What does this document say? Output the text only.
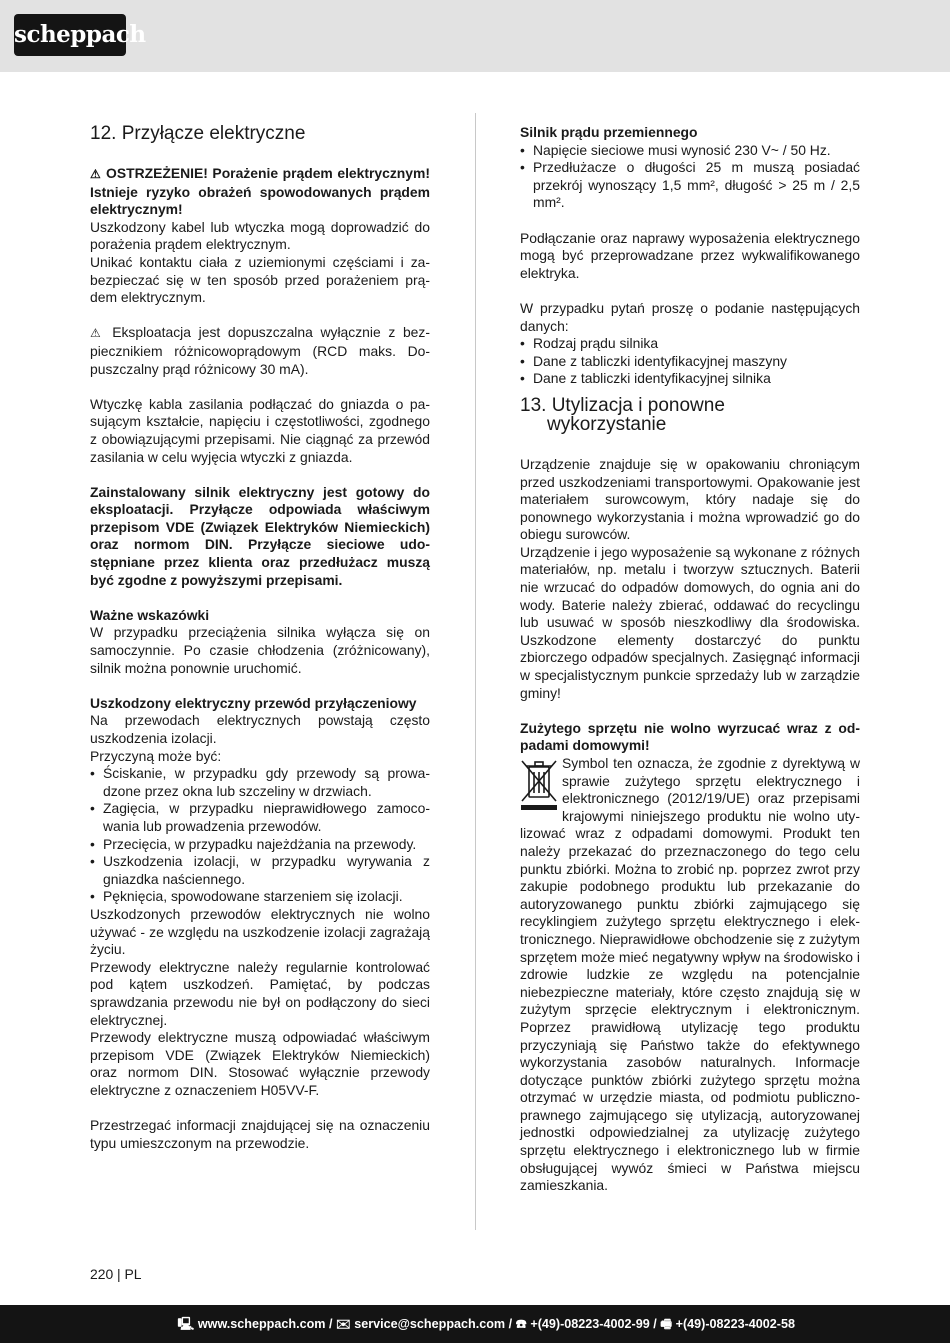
scheppach
12. Przyłącze elektryczne

⚠ OSTRZEŻENIE! Porażenie prądem elektrycznym! Istnieje ryzyko obrażeń spowodowanych prądem elektrycznym!

Uszkodzony kabel lub wtyczka mogą doprowadzić do porażenia prądem elektrycznym.

Unikać kontaktu ciała z uziemionymi częściami i zabezpieczać się w ten sposób przed porażeniem prądem elektrycznym.

⚠ Eksploatacja jest dopuszczalna wyłącznie z bezpiecznikiem różnicowoprądowym (RCD maks. Dopuszczalny prąd różnicowy 30 mA).

Wtyczkę kabla zasilania podłączać do gniazda o pasującym kształcie, napięciu i częstotliwości, zgodnego z obowiązującymi przepisami. Nie ciągnąć za przewód zasilania w celu wyjęcia wtyczki z gniazda.

Zainstalowany silnik elektryczny jest gotowy do eksploatacji. Przyłącze odpowiada właściwym przepisom VDE (Związek Elektryków Niemieckich) oraz normom DIN. Przyłącze sieciowe udostępniane przez klienta oraz przedłużacz muszą być zgodne z powyższymi przepisami.

Ważne wskazówki

W przypadku przeciążenia silnika wyłącza się on samoczynnie. Po czasie chłodzenia (zróżnicowany), silnik można ponownie uruchomić.

Uszkodzony elektryczny przewód przyłączeniowy

Na przewodach elektrycznych powstają często uszkodzenia izolacji.

Przyczyną może być:

• Ściskanie, w przypadku gdy przewody są prowadzone przez okna lub szczeliny w drzwiach.
• Zagięcia, w przypadku nieprawidłowego zamocowania lub prowadzenia przewodów.
• Przecięcia, w przypadku najeżdżania na przewody.
• Uszkodzenia izolacji, w przypadku wyrywania z gniazdka naściennego.
• Pęknięcia, spowodowane starzeniem się izolacji.

Uszkodzonych przewodów elektrycznych nie wolno używać - ze względu na uszkodzenie izolacji zagrażają życiu.

Przewody elektryczne należy regularnie kontrolować pod kątem uszkodzeń. Pamiętać, by podczas sprawdzania przewodu nie był on podłączony do sieci elektrycznej.

Przewody elektryczne muszą odpowiadać właściwym przepisom VDE (Związek Elektryków Niemieckich) oraz normom DIN. Stosować wyłącznie przewody elektryczne z oznaczeniem H05VV-F.

Przestrzegać informacji znajdującej się na oznaczeniu typu umieszczonym na przewodzie.

Silnik prądu przemiennego

• Napięcie sieciowe musi wynosić 230 V~ / 50 Hz.
• Przedłużacze o długości 25 m muszą posiadać przekrój wynoszący 1,5 mm², długość > 25 m / 2,5 mm².

Podłączanie oraz naprawy wyposażenia elektrycznego mogą być przeprowadzane przez wykwalifikowanego elektryka.

W przypadku pytań proszę o podanie następujących danych:

• Rodzaj prądu silnika
• Dane z tabliczki identyfikacyjnej maszyny
• Dane z tabliczki identyfikacyjnej silnika
13. Utylizacja i ponowne
wykorzystanie

Urządzenie znajduje się w opakowaniu chroniącym przed uszkodzeniami transportowymi. Opakowanie jest materiałem surowcowym, który nadaje się do ponownego wykorzystania i można wprowadzić go do obiegu surowców.

Urządzenie i jego wyposażenie są wykonane z różnych materiałów, np. metalu i tworzyw sztucznych. Baterii nie wrzucać do odpadów domowych, do ognia ani do wody. Baterie należy zbierać, oddawać do recyclingu lub usuwać w sposób nieszkodliwy dla środowiska. Uszkodzone elementy dostarczyć do punktu zbiorczego odpadów specjalnych. Zasięgnąć informacji w specjalistycznym punkcie sprzedaży lub w zarządzie gminy!

Zużytego sprzętu nie wolno wyrzucać wraz z odpadami domowymi!

Symbol ten oznacza, że zgodnie z dyrektywą w sprawie zużytego sprzętu elektrycznego i elektronicznego (2012/19/UE) oraz przepisami krajowymi niniejszego produktu nie wolno utylizować wraz z odpadami domowymi. Produkt ten należy przekazać do przeznaczonego do tego celu punktu zbiórki. Można to zrobić np. poprzez zwrot przy zakupie podobnego produktu lub przekazanie do autoryzowanego punktu zbiórki zajmującego się recyklingiem zużytego sprzętu elektrycznego i elektronicznego. Nieprawidłowe obchodzenie się z zużytym sprzętem może mieć negatywny wpływ na środowisko i zdrowie ludzkie ze względu na potencjalnie niebezpieczne materiały, które często znajdują się w zużytym sprzęcie elektrycznym i elektronicznym. Poprzez prawidłową utylizację tego produktu przyczyniają się Państwo także do efektywnego wykorzystania zasobów naturalnych. Informacje dotyczące punktów zbiórki zużytego sprzętu można otrzymać w urzędzie miasta, od podmiotu publiczno-prawnego zajmującego się utylizacją, autoryzowanej jednostki odpowiedzialnej za utylizację zużytego sprzętu elektrycznego i elektronicznego lub w firmie obsługującej wywóz śmieci w Państwa miejscu zamieszkania.

220 | PL
🖳 www.scheppach.com / ✉ service@scheppach.com / ☎ +(49)-08223-4002-99 / 🖷 +(49)-08223-4002-58
